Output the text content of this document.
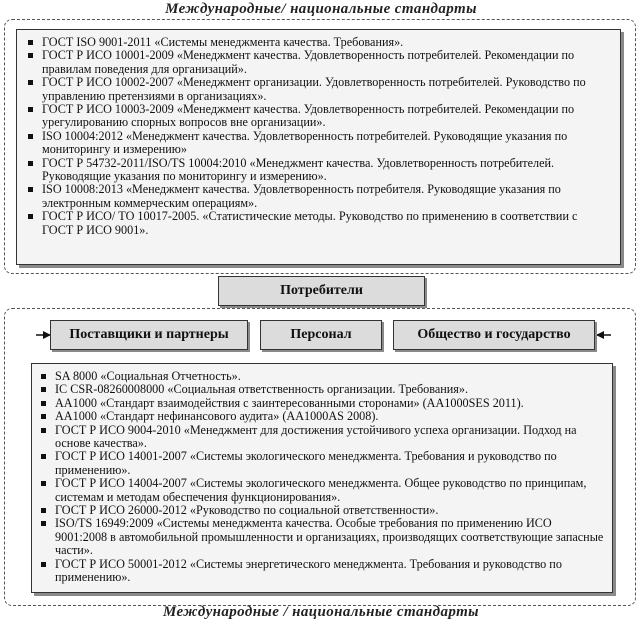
Международные/ национальные стандарты
ГОСТ ISO 9001-2011 «Системы менеджмента качества. Требования».
ГОСТ Р ИСО 10001-2009 «Менеджмент качества. Удовлетворенность потребителей. Рекомендации по правилам поведения для организаций».
ГОСТ Р ИСО 10002-2007 «Менеджмент организации. Удовлетворенность потребителей. Руководство по управлению претензиями в организациях».
ГОСТ Р ИСО 10003-2009 «Менеджмент качества. Удовлетворенность потребителей. Рекомендации по урегулированию спорных вопросов вне организации».
ISO 10004:2012 «Менеджмент качества. Удовлетворенность потребителей. Руководящие указания по мониторингу и измерению»
ГОСТ Р 54732-2011/ISO/TS 10004:2010 «Менеджмент качества. Удовлетворенность потребителей. Руководящие указания по мониторингу и измерению».
ISO 10008:2013 «Менеджмент качества. Удовлетворенность потребителя. Руководящие указания по электронным коммерческим операциям».
ГОСТ Р ИСО/ ТО 10017-2005. «Статистические методы. Руководство по применению в соответствии с ГОСТ Р ИСО 9001».
SA 8000 «Социальная Отчетность».
IC CSR-08260008000 «Социальная ответственность организации. Требования».
AA1000 «Стандарт взаимодействия с заинтересованными сторонами» (AA1000SES 2011).
AA1000 «Стандарт нефинансового аудита» (AA1000AS 2008).
ГОСТ Р ИСО 9004-2010 «Менеджмент для достижения устойчивого успеха организации. Подход на основе качества».
ГОСТ Р ИСО 14001-2007 «Системы экологического менеджмента. Требования и руководство по применению».
ГОСТ Р ИСО 14004-2007 «Системы экологического менеджмента. Общее руководство по принципам, системам и методам обеспечения функционирования».
ГОСТ Р ИСО 26000-2012 «Руководство по социальной ответственности».
ISO/TS 16949:2009 «Системы менеджмента качества. Особые требования по применению ИСО 9001:2008 в автомобильной промышленности и организациях, производящих соответствующие запасные части».
ГОСТ Р ИСО 50001-2012 «Системы энергетического менеджмента. Требования и руководство по применению».
Потребители
Поставщики и партнеры	Персонал	Общество и государство
Международные / национальные стандарты
